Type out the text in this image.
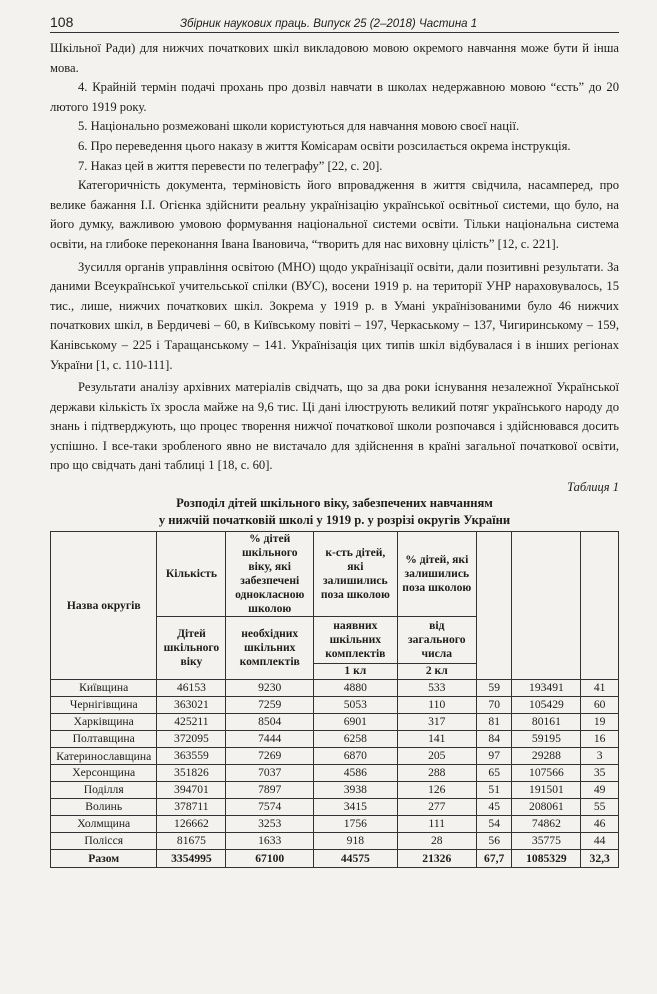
108	Збірник наукових праць. Випуск 25 (2–2018) Частина 1

Шкільної Ради) для нижчих початкових шкіл викладовою мовою окремого навчання може бути й інша мова.

4. Крайній термін подачі прохань про дозвіл навчати в школах недержавною мовою “єсть” до 20 лютого 1919 року.

5. Національно розмежовані школи користуються для навчання мовою своєї нації.

6. Про переведення цього наказу в життя Комісарам освіти розсилається окрема інструкція.

7. Наказ цей в життя перевести по телеграфу” [22, с. 20].

Категоричність документа, терміновість його впровадження в життя свідчила, насамперед, про велике бажання І.І. Огієнка здійснити реальну українізацію української освітньої системи, що було, на його думку, важливою умовою формування національної системи освіти. Тільки національна система освіти, на глибоке переконання Івана Івановича, “творить для нас виховну цілість” [12, с. 221].

Зусилля органів управління освітою (МНО) щодо українізації освіти, дали позитивні результати. За даними Всеукраїнської учительської спілки (ВУС), восени 1919 р. на території УНР нараховувалось, 15 тис., лише, нижчих початкових шкіл. Зокрема у 1919 р. в Умані українізованими було 46 нижчих початкових шкіл, в Бердичеві – 60, в Київському повіті – 197, Черкаському – 137, Чигиринському – 159, Канівському – 225 і Таращанському – 141. Українізація цих типів шкіл відбувалася і в інших регіонах України [1, с. 110-111].

Результати аналізу архівних матеріалів свідчать, що за два роки існування незалежної Української держави кількість їх зросла майже на 9,6 тис. Ці дані ілюструють великий потяг українського народу до знань і підтверджують, що процес творення нижчої початкової школи розпочався і здійснювався досить успішно. І все-таки зробленого явно не вистачало для здійснення в країні загальної початкової освіти, про що свідчать дані таблиці 1 [18, с. 60].

Таблиця 1
Розподіл дітей шкільного віку, забезпечених навчанням
у нижчій початковій школі у 1919 р. у розрізі округів України
Назва округів	Кількість	% дітей шкільного віку, які забезпечені однокласною школою	к-сть дітей, які залишились поза школою	% дітей, які залишились поза школою			
	Дітей шкільного віку	необхідних шкільних комплектів	наявних шкільних комплектів	від загального числа			
			1 кл	2 кл			
Київщина	46153	9230	4880	533	59	193491	41
Чернігівщина	363021	7259	5053	110	70	105429	60
Харківщина	425211	8504	6901	317	81	80161	19
Полтавщина	372095	7444	6258	141	84	59195	16
Катеринославщина	363559	7269	6870	205	97	29288	3
Херсонщина	351826	7037	4586	288	65	107566	35
Поділля	394701	7897	3938	126	51	191501	49
Волинь	378711	7574	3415	277	45	208061	55
Холмщина	126662	3253	1756	111	54	74862	46
Полісся	81675	1633	918	28	56	35775	44
Разом	3354995	67100	44575	21326	67,7	1085329	32,3
